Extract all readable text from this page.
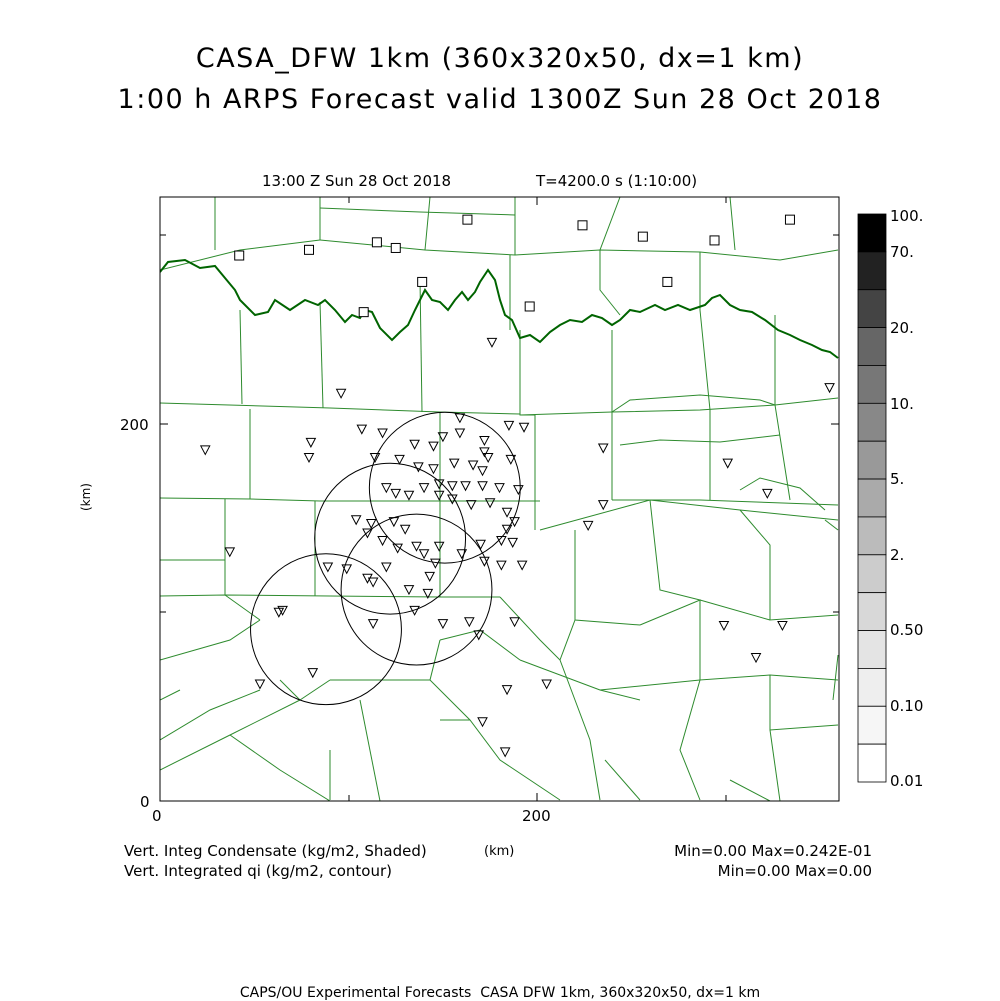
CASA_DFW 1km (360x320x50, dx=1 km)
1:00 h ARPS Forecast valid 1300Z Sun 28 Oct 2018
13:00 Z Sun 28 Oct 2018	T=4200.0 s (1:10:00)
0	200
0
200
(km)
(km)
100.
70.
20.
10.
5.
2.
0.50
0.10
0.01
Vert. Integ Condensate (kg/m2, Shaded)
Vert. Integrated qi (kg/m2, contour)
Min=0.00 Max=0.242E-01
Min=0.00 Max=0.00
CAPS/OU Experimental Forecasts  CASA DFW 1km, 360x320x50, dx=1 km
